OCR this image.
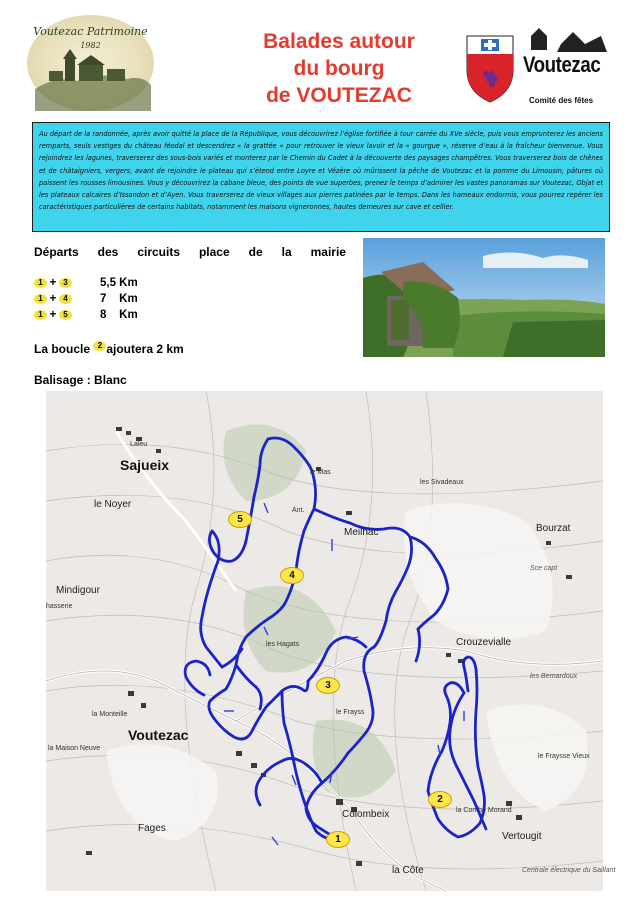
Voutezac Patrimoine
1982	Balades autour
du bourg
de VOUTEZAC
Voutezac
Comité des fêtes
Au départ de la randonnée, après avoir quitté la place de la République, vous découvrirez l’église fortifiée à tour carrée du XVe siècle, puis vous emprunterez les anciens remparts, seuls vestiges du château féodal et descendrez « la grattée » pour retrouver le vieux lavoir et la « gourgue », réserve d’eau à la fraîcheur bienvenue. Vous rejoindrez les lagunes, traverserez des sous-bois variés et monterez par le Chemin du Cadet à la découverte des paysages champêtres. Vous traverserez bois de chênes et de châtaigniers, vergers, avant de rejoindre le plateau qui s’étend entre Loyre et Vézère où mûrissent la pêche de Voutezac et la pomme du Limousin, pâtures où paissent les rousses limousines. Vous y découvrirez la cabane bleue, des points de vue superbes, prenez le temps d’admirer les vastes panoramas sur Voutezac, Objat et les plateaux calcaires d’Issandon et d’Ayen. Vous traverserez de vieux villages aux pierres patinées par le temps. Dans les hameaux endormis, vous pourrez repérer les caractéristiques particulières de certains habitats, notamment les maisons vigneronnes, hautes demeures sur cave et cellier.
Départs des circuits place de la mairie
1 + 3	5,5 Km
1 + 4	7    Km
1 + 5	8    Km
La boucle 2 ajoutera 2 km
Balisage : Blanc
Sajueix
Laleu
le Noyer
Mindigour
hasserie
Meilhac
le Mas
Ant.
les Sivadeaux
Bourzat
Sce capt
Crouzevialle
les Bernardoux
les Hagats
le Frayss
la Monteille
Voutezac
la Maison Neuve
Colombeix	la Combe Morand
le Fraysse Vieux
Vertougit
Fages
la Côte	Centrale électrique du Saillant
5
4
3
2
1
